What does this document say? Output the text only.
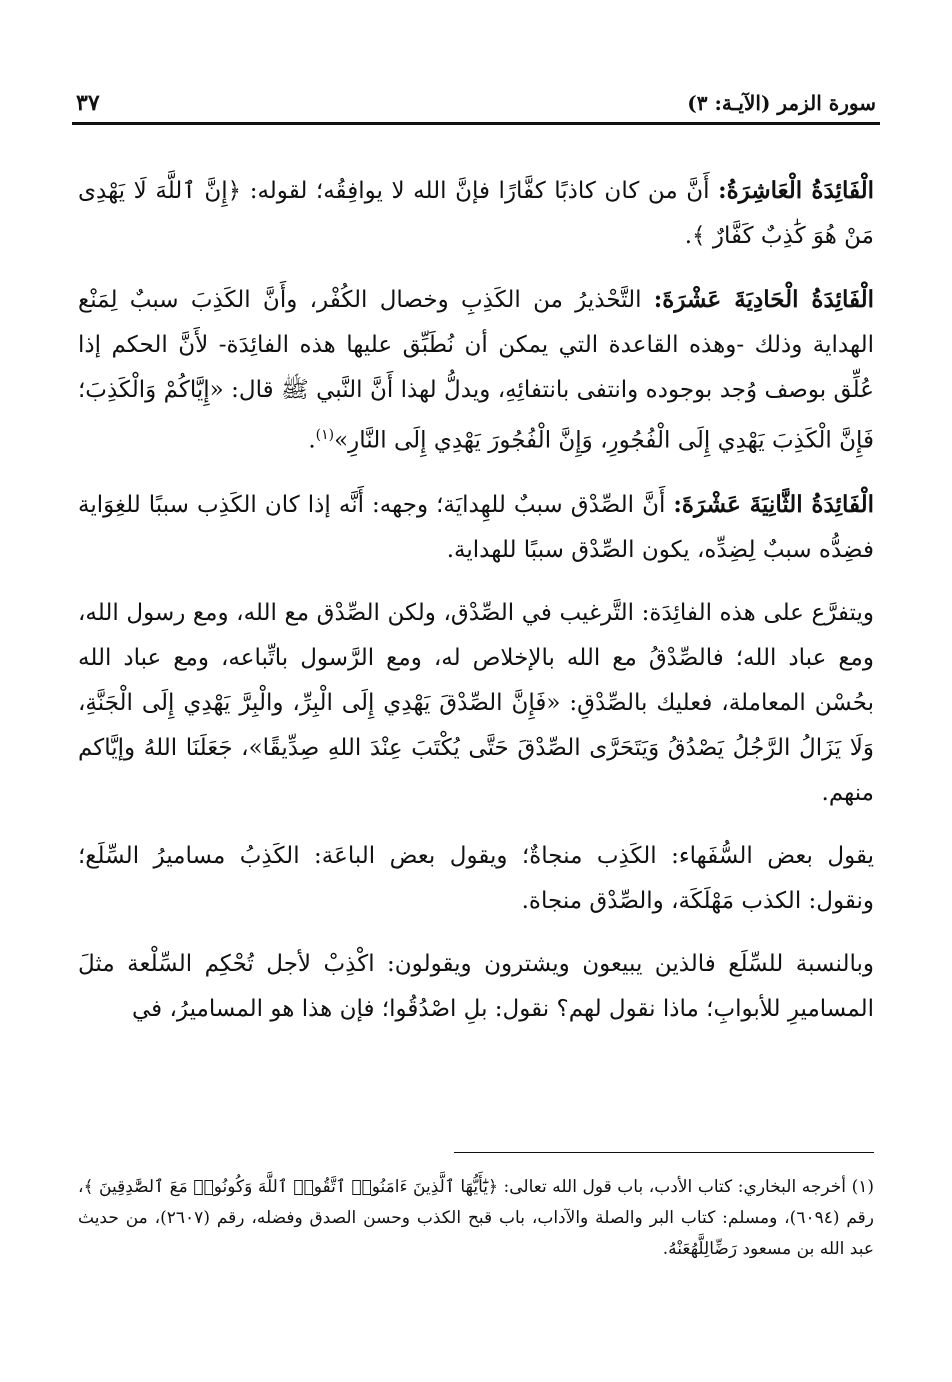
سورة الزمر (الآيـة: ٣)
٣٧

الْفَائِدَةُ الْعَاشِرَةُ: أَنَّ من كان كاذبًا كفَّارًا فإنَّ الله لا يوافِقُه؛ لقوله: ﴿إِنَّ ٱللَّهَ لَا يَهْدِى مَنْ هُوَ كَٰذِبٌ كَفَّارٌ ﴾.

الْفَائِدَةُ الْحَادِيَةَ عَشْرَةَ: التَّحْذيرُ من الكَذِبِ وخصال الكُفْر، وأَنَّ الكَذِبَ سببٌ لِمَنْع الهداية وذلك -وهذه القاعدة التي يمكن أن نُطَبِّق عليها هذه الفائِدَة- لأَنَّ الحكم إذا عُلِّق بوصف وُجد بوجوده وانتفى بانتفائِهِ، ويدلُّ لهذا أَنَّ النَّبي ﷺ قال: «إِيَّاكُمْ وَالْكَذِبَ؛ فَإِنَّ الْكَذِبَ يَهْدِي إِلَى الْفُجُورِ، وَإِنَّ الْفُجُورَ يَهْدِي إِلَى النَّارِ»$^{(١)}$.

الْفَائِدَةُ الثَّانِيَةَ عَشْرَةَ: أَنَّ الصِّدْق سببٌ للهِدايَة؛ وجهه: أَنَّه إذا كان الكَذِب سببًا للغِوَاية فضِدُّه سببٌ لِضِدِّه، يكون الصِّدْق سببًا للهداية.

ويتفرَّع على هذه الفائِدَة: التَّرغيب في الصِّدْق، ولكن الصِّدْق مع الله، ومع رسول الله، ومع عباد الله؛ فالصِّدْقُ مع الله بالإخلاص له، ومع الرَّسول باتِّباعه، ومع عباد الله بحُسْن المعاملة، فعليك بالصِّدْقِ: «فَإِنَّ الصِّدْقَ يَهْدِي إِلَى الْبِرِّ، والْبِرَّ يَهْدِي إِلَى الْجَنَّةِ، وَلَا يَزَالُ الرَّجُلُ يَصْدُقُ وَيَتَحَرَّى الصِّدْقَ حَتَّى يُكْتَبَ عِنْدَ اللهِ صِدِّيقًا»، جَعَلَنَا اللهُ وإيَّاكم منهم.

يقول بعض السُّفَهاء: الكَذِب منجاةٌ؛ ويقول بعض الباعَة: الكَذِبُ مساميرُ السِّلَع؛ ونقول: الكذب مَهْلَكَة، والصِّدْق منجاة.

وبالنسبة للسِّلَع فالذين يبيعون ويشترون ويقولون: اكْذِبْ لأجل تُحْكِم السِّلْعة مثلَ المساميرِ للأبوابِ؛ ماذا نقول لهم؟ نقول: بلِ اصْدُقُوا؛ فإن هذا هو المساميرُ، في

(١) أخرجه البخاري: كتاب الأدب، باب قول الله تعالى: ﴿يَٰٓأَيُّهَا ٱلَّذِينَ ءَامَنُوا۟ ٱتَّقُوا۟ ٱللَّهَ وَكُونُوا۟ مَعَ ٱلصَّٰدِقِينَ ﴾، رقم (٦٠٩٤)، ومسلم: كتاب البر والصلة والآداب، باب قبح الكذب وحسن الصدق وفضله، رقم (٢٦٠٧)، من حديث عبد الله بن مسعود رَضِّالِلَّهُعَنْهُ.
